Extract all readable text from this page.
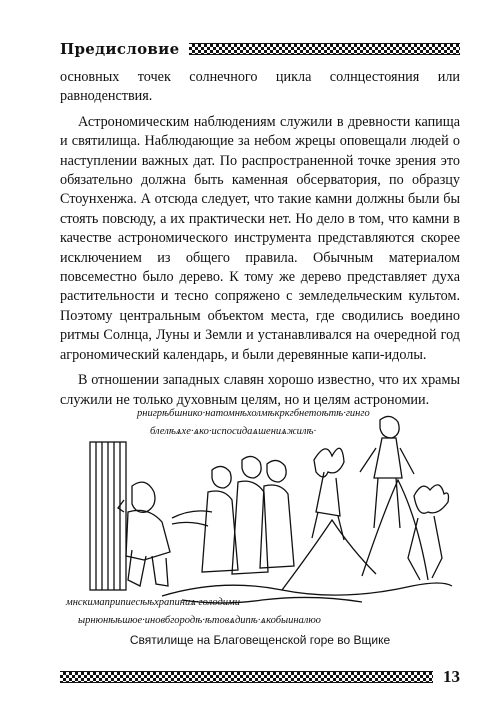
Предисловие

основных точек солнечного цикла солнцестояния или равноденствия.

Астрономическим наблюдениям служили в древности капища и святилища. Наблюдающие за небом жрецы оповещали людей о наступлении важных дат. По распространенной точке зрения это обязательно должна быть каменная обсерватория, по образцу Стоунхенжа. А отсюда следует, что такие камни должны были бы стоять повсюду, а их практически нет. Но дело в том, что камни в качестве астрономического инструмента представляются скорее исключением из общего правила. Обычным материалом повсеместно было дерево. К тому же дерево представляет духа растительности и тесно сопряжено с земледельческим культом. Поэтому центральным объектом места, где сводились воедино ритмы Солнца, Луны и Земли и устанавливался на очередной год агрономический календарь, и были деревянные капи-идолы.

В отношении западных славян хорошо известно, что их храмы служили не только духовным целям, но и целям астрономии.

рнигрѣбшнико·натомнѣхолмѣкркгбнетоѣтѣ·гинго
блелѣѧхе·ѧко·испосидаѧшениѧжилѣ·
мнскимаприпиесѣѣхрапиниѧ·голодими
ырнюнѣѣшюе·иновбгородѣ·ѣтовѧдипѣ·ѧкобыиналюо
Святилище на Благовещенской горе во Вщике
13
